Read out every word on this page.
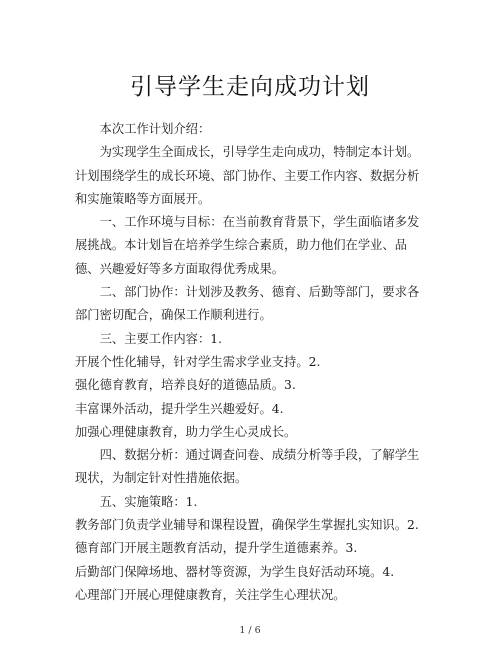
引导学生走向成功计划

本次工作计划介绍：

为实现学生全面成长，引导学生走向成功，特制定本计划。计划围绕学生的成长环境、部门协作、主要工作内容、数据分析和实施策略等方面展开。

一、工作环境与目标：在当前教育背景下，学生面临诸多发展挑战。本计划旨在培养学生综合素质，助力他们在学业、品德、兴趣爱好等多方面取得优秀成果。

二、部门协作：计划涉及教务、德育、后勤等部门，要求各部门密切配合，确保工作顺利进行。

三、主要工作内容：1.

开展个性化辅导，针对学生需求学业支持。2.

强化德育教育，培养良好的道德品质。3.

丰富课外活动，提升学生兴趣爱好。4.

加强心理健康教育，助力学生心灵成长。

四、数据分析：通过调查问卷、成绩分析等手段，了解学生现状，为制定针对性措施依据。

五、实施策略：1.

教务部门负责学业辅导和课程设置，确保学生掌握扎实知识。2.

德育部门开展主题教育活动，提升学生道德素养。3.

后勤部门保障场地、器材等资源，为学生良好活动环境。4.

心理部门开展心理健康教育，关注学生心理状况。

1 / 6
